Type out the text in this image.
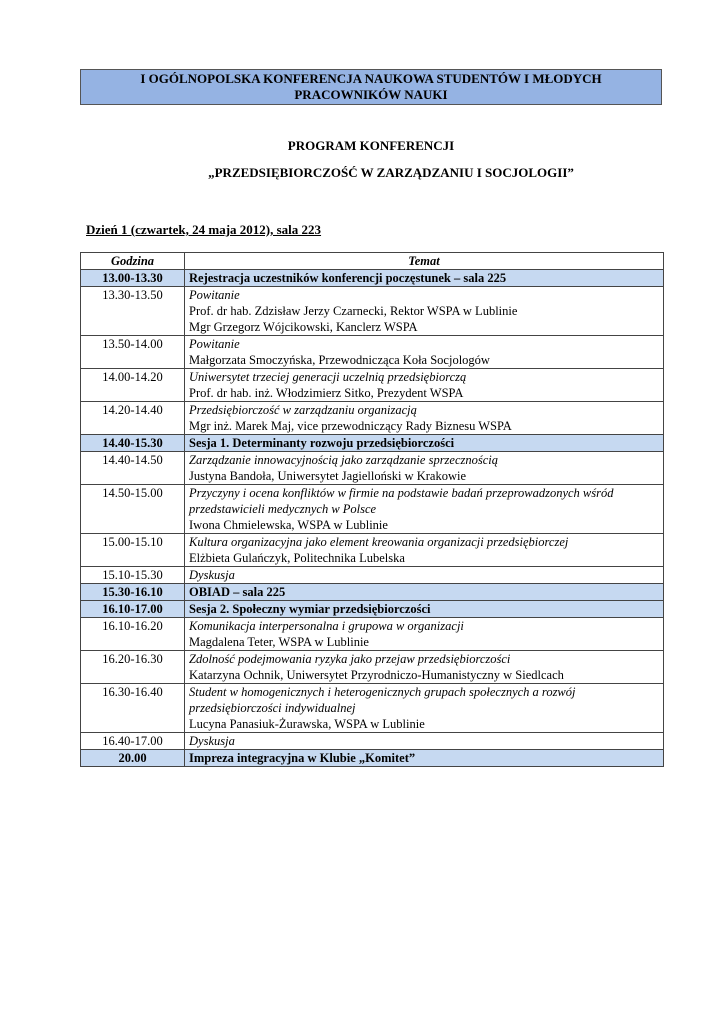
I OGÓLNOPOLSKA KONFERENCJA NAUKOWA STUDENTÓW I MŁODYCH
PRACOWNIKÓW NAUKI
PROGRAM KONFERENCJI
„PRZEDSIĘBIORCZOŚĆ W ZARZĄDZANIU I SOCJOLOGII”
Dzień 1 (czwartek, 24 maja 2012), sala 223
Godzina	Temat
13.00-13.30	Rejestracja uczestników konferencji poczęstunek – sala 225

13.30-13.50	Powitanie
Prof. dr hab. Zdzisław Jerzy Czarnecki, Rektor WSPA w Lublinie
Mgr Grzegorz Wójcikowski, Kanclerz WSPA

13.50-14.00	Powitanie
Małgorzata Smoczyńska, Przewodnicząca Koła Socjologów

14.00-14.20	Uniwersytet trzeciej generacji uczelnią przedsiębiorczą
Prof. dr hab. inż. Włodzimierz Sitko, Prezydent WSPA

14.20-14.40	Przedsiębiorczość w zarządzaniu organizacją
Mgr inż. Marek Maj, vice przewodniczący Rady Biznesu WSPA

14.40-15.30	Sesja 1. Determinanty rozwoju przedsiębiorczości

14.40-14.50	Zarządzanie innowacyjnością jako zarządzanie sprzecznością
Justyna Bandoła, Uniwersytet Jagielloński w Krakowie

14.50-15.00	Przyczyny i ocena konfliktów w firmie na podstawie badań przeprowadzonych wśród przedstawicieli medycznych w Polsce
Iwona Chmielewska, WSPA w Lublinie

15.00-15.10	Kultura organizacyjna jako element kreowania organizacji przedsiębiorczej
Elżbieta Gulańczyk, Politechnika Lubelska

15.10-15.30	Dyskusja

15.30-16.10	OBIAD – sala 225

16.10-17.00	Sesja 2. Społeczny wymiar przedsiębiorczości

16.10-16.20	Komunikacja interpersonalna i grupowa w organizacji
Magdalena Teter, WSPA w Lublinie

16.20-16.30	Zdolność podejmowania ryzyka jako przejaw przedsiębiorczości
Katarzyna Ochnik, Uniwersytet Przyrodniczo-Humanistyczny w Siedlcach

16.30-16.40	Student w homogenicznych i heterogenicznych grupach społecznych a rozwój przedsiębiorczości indywidualnej
Lucyna Panasiuk-Żurawska, WSPA w Lublinie

16.40-17.00	Dyskusja

20.00	Impreza integracyjna w Klubie „Komitet”
